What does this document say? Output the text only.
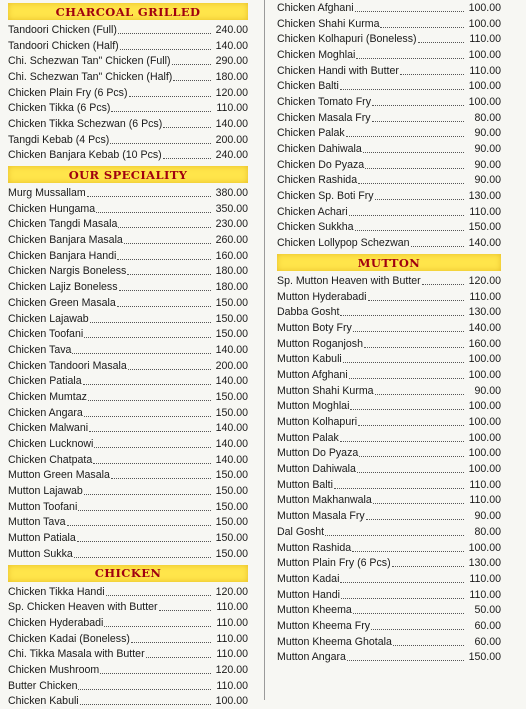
CHARCOAL GRILLED
Tandoori Chicken (Full)	240.00
Tandoori Chicken (Half)	140.00
Chi. Schezwan Tan" Chicken (Full)	290.00
Chi. Schezwan Tan" Chicken (Half)	180.00
Chicken Plain Fry (6 Pcs)	120.00
Chicken Tikka (6 Pcs)	110.00
Chicken Tikka Schezwan (6 Pcs)	140.00
Tangdi Kebab (4 Pcs)	200.00
Chicken Banjara Kebab (10 Pcs)	240.00
OUR SPECIALITY
Murg Mussallam	380.00
Chicken Hungama	350.00
Chicken Tangdi Masala	230.00
Chicken Banjara Masala	260.00
Chicken Banjara Handi	160.00
Chicken Nargis Boneless	180.00
Chicken Lajiz Boneless	180.00
Chicken Green Masala	150.00
Chicken Lajawab	150.00
Chicken Toofani	150.00
Chicken Tava	140.00
Chicken Tandoori Masala	200.00
Chicken Patiala	140.00
Chicken Mumtaz	150.00
Chicken Angara	150.00
Chicken Malwani	140.00
Chicken Lucknowi	140.00
Chicken Chatpata	140.00
Mutton Green Masala	150.00
Mutton Lajawab	150.00
Mutton Toofani	150.00
Mutton Tava	150.00
Mutton Patiala	150.00
Mutton Sukka	150.00
CHICKEN
Chicken Tikka Handi	120.00
Sp. Chicken Heaven with Butter	110.00
Chicken Hyderabadi	110.00
Chicken Kadai (Boneless)	110.00
Chi. Tikka Masala with Butter	110.00
Chicken Mushroom	120.00
Butter Chicken	110.00
Chicken Kabuli	100.00
Chicken Afghani	100.00
Chicken Shahi Kurma	100.00
Chicken Kolhapuri (Boneless)	110.00
Chicken Moghlai	100.00
Chicken Handi with Butter	110.00
Chicken Balti	100.00
Chicken Tomato Fry	100.00
Chicken Masala Fry	80.00
Chicken Palak	90.00
Chicken Dahiwala	90.00
Chicken Do Pyaza	90.00
Chicken Rashida	90.00
Chicken Sp. Boti Fry	130.00
Chicken Achari	110.00
Chicken Sukkha	150.00
Chicken Lollypop Schezwan	140.00
MUTTON
Sp. Mutton Heaven with Butter	120.00
Mutton Hyderabadi	110.00
Dabba Gosht	130.00
Mutton Boty Fry	140.00
Mutton Roganjosh	160.00
Mutton Kabuli	100.00
Mutton Afghani	100.00
Mutton Shahi Kurma	90.00
Mutton Moghlai	100.00
Mutton Kolhapuri	100.00
Mutton Palak	100.00
Mutton Do Pyaza	100.00
Mutton Dahiwala	100.00
Mutton Balti	110.00
Mutton Makhanwala	110.00
Mutton Masala Fry	90.00
Dal Gosht	80.00
Mutton Rashida	100.00
Mutton Plain Fry (6 Pcs)	130.00
Mutton Kadai	110.00
Mutton Handi	110.00
Mutton Kheema	50.00
Mutton Kheema Fry	60.00
Mutton Kheema Ghotala	60.00
Mutton Angara	150.00
